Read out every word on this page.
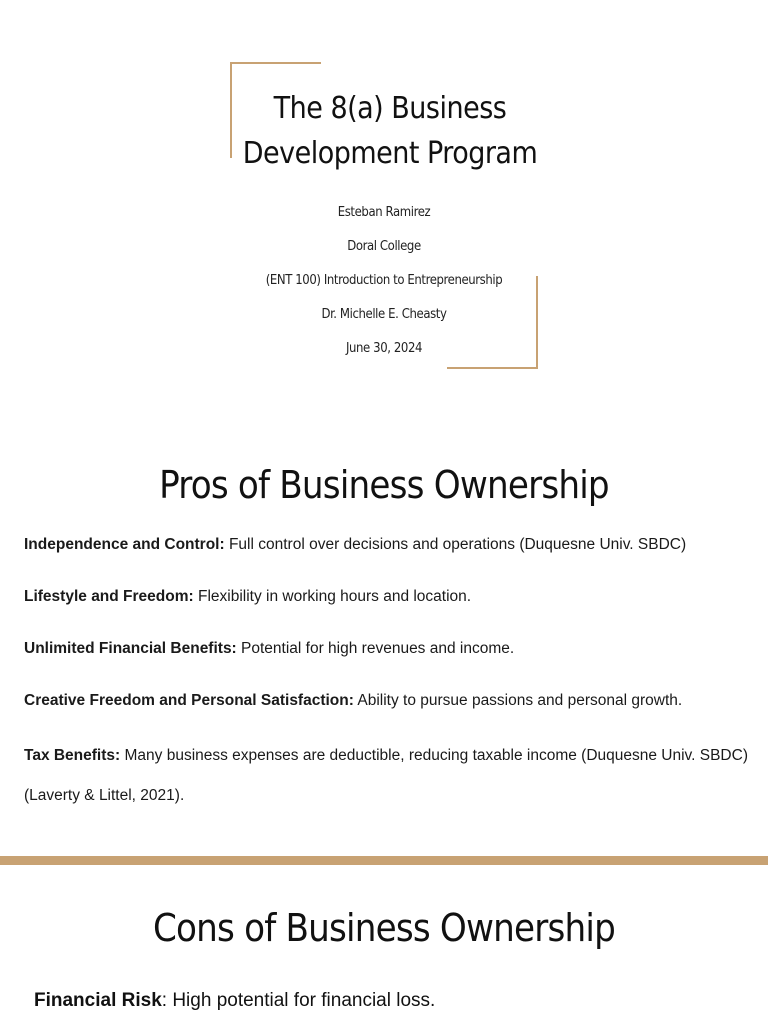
The 8(a) Business
Development Program
Esteban Ramirez
Doral College
(ENT 100) Introduction to Entrepreneurship
Dr. Michelle E. Cheasty
June 30, 2024
Pros of Business Ownership

Independence and Control: Full control over decisions and operations (Duquesne Univ. SBDC)

Lifestyle and Freedom: Flexibility in working hours and location.

Unlimited Financial Benefits: Potential for high revenues and income.

Creative Freedom and Personal Satisfaction: Ability to pursue passions and personal growth.

Tax Benefits: Many business expenses are deductible, reducing taxable income (Duquesne Univ. SBDC) (Laverty & Littel, 2021).

Cons of Business Ownership

Financial Risk: High potential for financial loss.
